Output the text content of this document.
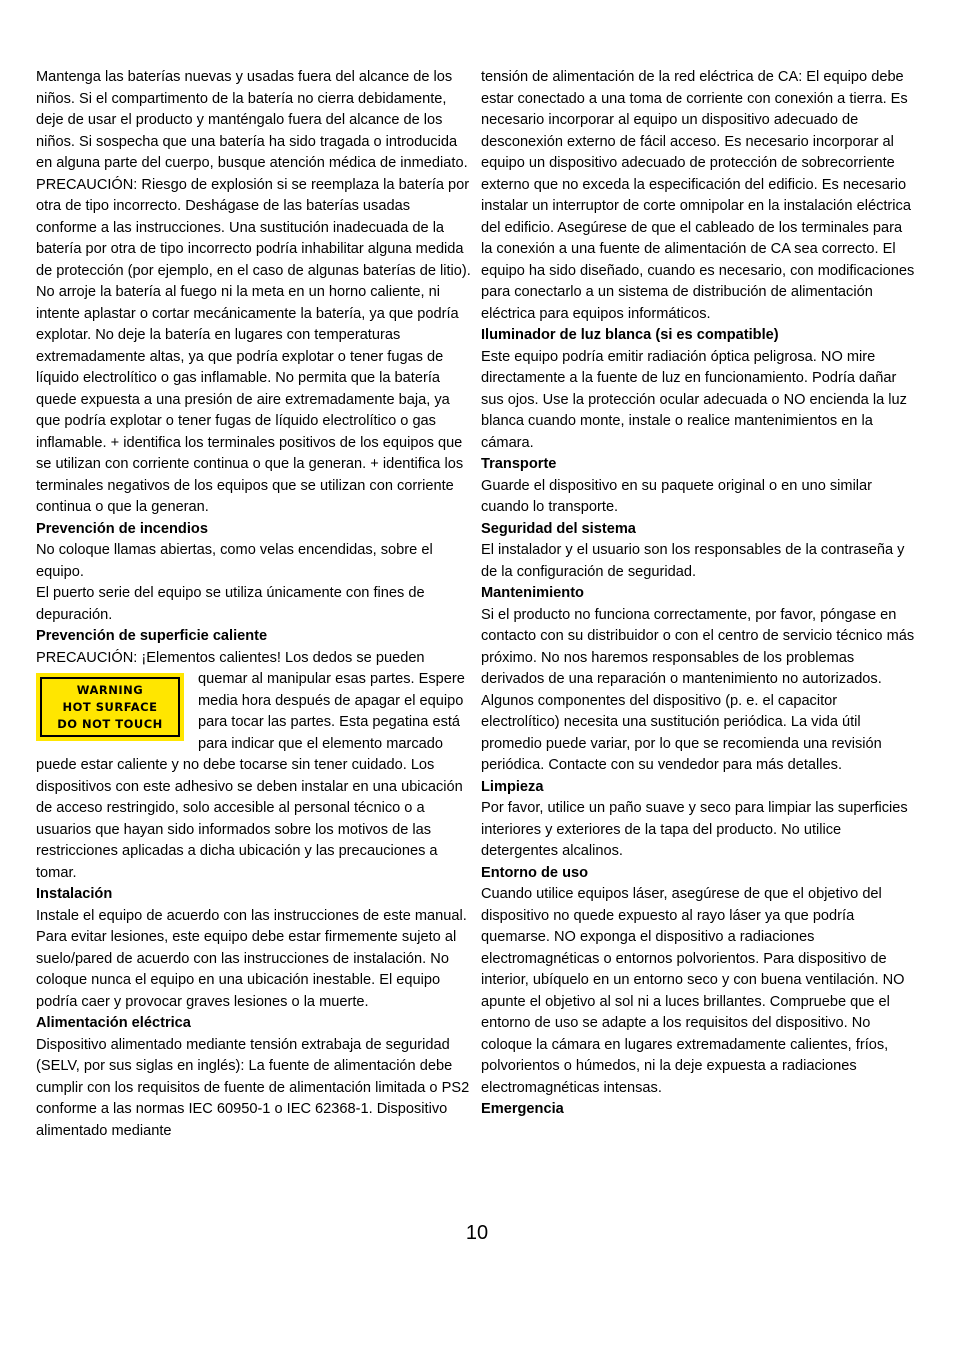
Mantenga las baterías nuevas y usadas fuera del alcance de los niños. Si el compartimento de la batería no cierra debidamente, deje de usar el producto y manténgalo fuera del alcance de los niños. Si sospecha que una batería ha sido tragada o introducida en alguna parte del cuerpo, busque atención médica de inmediato. PRECAUCIÓN: Riesgo de explosión si se reemplaza la batería por otra de tipo incorrecto. Deshágase de las baterías usadas conforme a las instrucciones. Una sustitución inadecuada de la batería por otra de tipo incorrecto podría inhabilitar alguna medida de protección (por ejemplo, en el caso de algunas baterías de litio). No arroje la batería al fuego ni la meta en un horno caliente, ni intente aplastar o cortar mecánicamente la batería, ya que podría explotar. No deje la batería en lugares con temperaturas extremadamente altas, ya que podría explotar o tener fugas de líquido electrolítico o gas inflamable. No permita que la batería quede expuesta a una presión de aire extremadamente baja, ya que podría explotar o tener fugas de líquido electrolítico o gas inflamable. + identifica los terminales positivos de los equipos que se utilizan con corriente continua o que la generan. + identifica los terminales negativos de los equipos que se utilizan con corriente continua o que la generan.

Prevención de incendios

No coloque llamas abiertas, como velas encendidas, sobre el equipo.

El puerto serie del equipo se utiliza únicamente con fines de depuración.

Prevención de superficie caliente

PRECAUCIÓN: ¡Elementos calientes! Los dedos se pueden

WARNING
HOT SURFACE
DO NOT TOUCH

quemar al manipular esas partes. Espere media hora después de apagar el equipo para tocar las partes. Esta pegatina está para indicar que el elemento marcado puede estar caliente y no debe tocarse sin tener cuidado. Los dispositivos con este adhesivo se deben instalar en una ubicación de acceso restringido, solo accesible al personal técnico o a usuarios que hayan sido informados sobre los motivos de las restricciones aplicadas a dicha ubicación y las precauciones a tomar.

Instalación

Instale el equipo de acuerdo con las instrucciones de este manual. Para evitar lesiones, este equipo debe estar firmemente sujeto al suelo/pared de acuerdo con las instrucciones de instalación. No coloque nunca el equipo en una ubicación inestable. El equipo podría caer y provocar graves lesiones o la muerte.

Alimentación eléctrica

Dispositivo alimentado mediante tensión extrabaja de seguridad (SELV, por sus siglas en inglés): La fuente de alimentación debe cumplir con los requisitos de fuente de alimentación limitada o PS2 conforme a las normas IEC 60950-1 o IEC 62368-1. Dispositivo alimentado mediante

tensión de alimentación de la red eléctrica de CA: El equipo debe estar conectado a una toma de corriente con conexión a tierra. Es necesario incorporar al equipo un dispositivo adecuado de desconexión externo de fácil acceso. Es necesario incorporar al equipo un dispositivo adecuado de protección de sobrecorriente externo que no exceda la especificación del edificio. Es necesario instalar un interruptor de corte omnipolar en la instalación eléctrica del edificio. Asegúrese de que el cableado de los terminales para la conexión a una fuente de alimentación de CA sea correcto. El equipo ha sido diseñado, cuando es necesario, con modificaciones para conectarlo a un sistema de distribución de alimentación eléctrica para equipos informáticos.

Iluminador de luz blanca (si es compatible)

Este equipo podría emitir radiación óptica peligrosa. NO mire directamente a la fuente de luz en funcionamiento. Podría dañar sus ojos. Use la protección ocular adecuada o NO encienda la luz blanca cuando monte, instale o realice mantenimientos en la cámara.

Transporte

Guarde el dispositivo en su paquete original o en uno similar cuando lo transporte.

Seguridad del sistema

El instalador y el usuario son los responsables de la contraseña y de la configuración de seguridad.

Mantenimiento

Si el producto no funciona correctamente, por favor, póngase en contacto con su distribuidor o con el centro de servicio técnico más próximo. No nos haremos responsables de los problemas derivados de una reparación o mantenimiento no autorizados. Algunos componentes del dispositivo (p. e. el capacitor electrolítico) necesita una sustitución periódica. La vida útil promedio puede variar, por lo que se recomienda una revisión periódica. Contacte con su vendedor para más detalles.

Limpieza

Por favor, utilice un paño suave y seco para limpiar las superficies interiores y exteriores de la tapa del producto. No utilice detergentes alcalinos.

Entorno de uso

Cuando utilice equipos láser, asegúrese de que el objetivo del dispositivo no quede expuesto al rayo láser ya que podría quemarse. NO exponga el dispositivo a radiaciones electromagnéticas o entornos polvorientos. Para dispositivo de interior, ubíquelo en un entorno seco y con buena ventilación. NO apunte el objetivo al sol ni a luces brillantes. Compruebe que el entorno de uso se adapte a los requisitos del dispositivo. No coloque la cámara en lugares extremadamente calientes, fríos, polvorientos o húmedos, ni la deje expuesta a radiaciones electromagnéticas intensas.

Emergencia
10
